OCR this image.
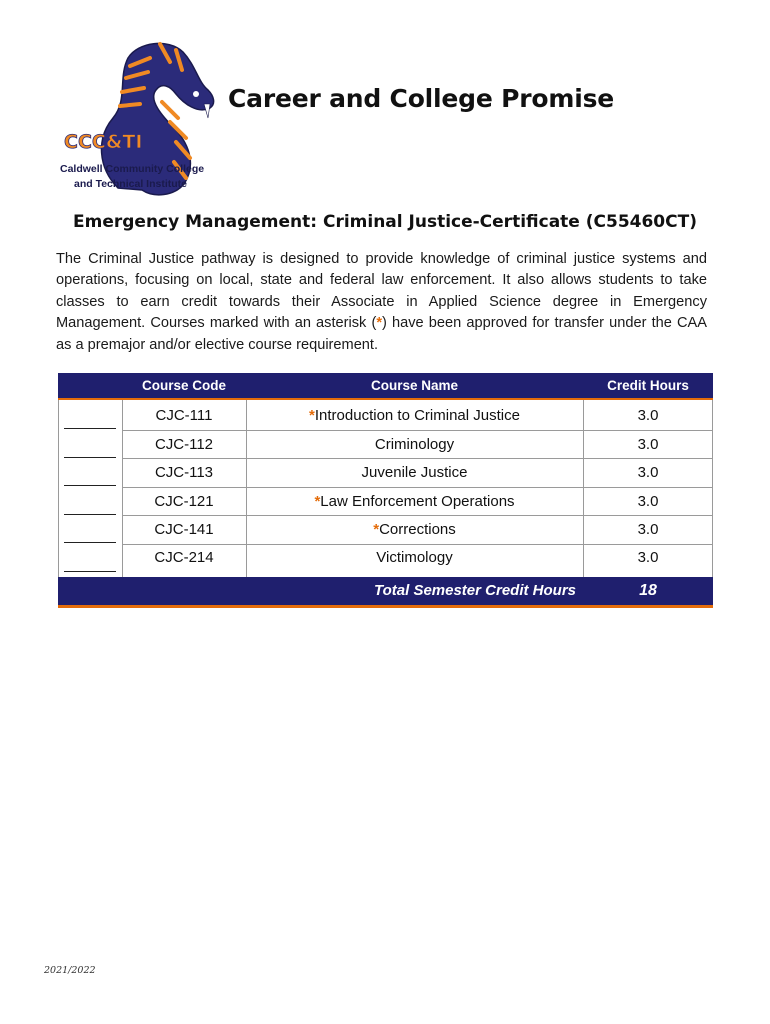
CCC&TI
Caldwell Community College
and Technical Institute
Career and College Promise
Emergency Management: Criminal Justice-Certificate (C55460CT)
The Criminal Justice pathway is designed to provide knowledge of criminal justice systems and operations, focusing on local, state and federal law enforcement. It also allows students to take classes to earn credit towards their Associate in Applied Science degree in Emergency Management. Courses marked with an asterisk (*) have been approved for transfer under the CAA as a premajor and/or elective course requirement.
Course Code	Course Name	Credit Hours
CJC-111	*Introduction to Criminal Justice	3.0
CJC-112	Criminology	3.0
CJC-113	Juvenile Justice	3.0
CJC-121	*Law Enforcement Operations	3.0
CJC-141	*Corrections	3.0
CJC-214	Victimology	3.0
Total Semester Credit Hours	18
2021/2022
